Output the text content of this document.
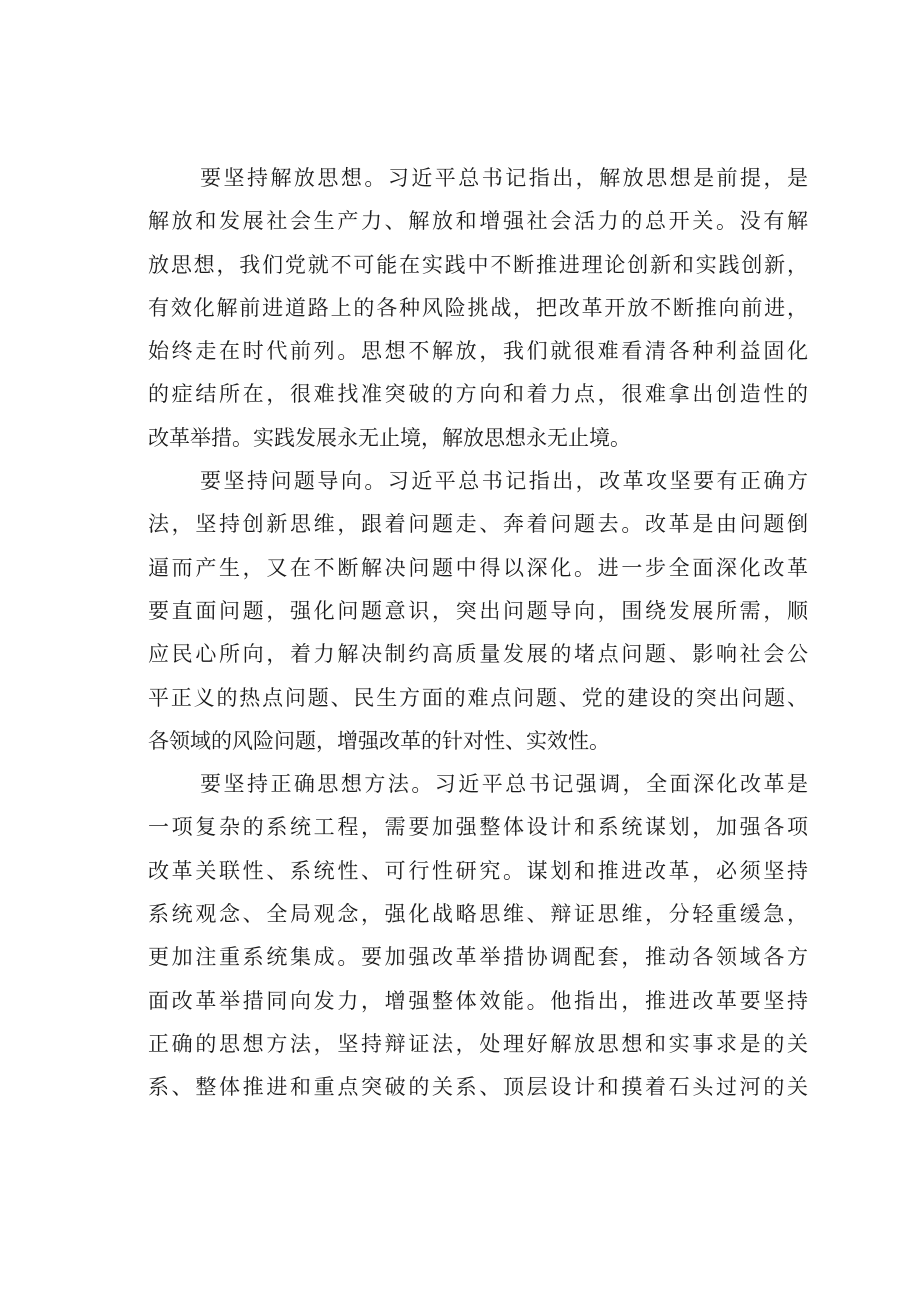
要坚持解放思想。习近平总书记指出，解放思想是前提，是
解放和发展社会生产力、解放和增强社会活力的总开关。没有解
放思想，我们党就不可能在实践中不断推进理论创新和实践创新，
有效化解前进道路上的各种风险挑战，把改革开放不断推向前进，
始终走在时代前列。思想不解放，我们就很难看清各种利益固化
的症结所在，很难找准突破的方向和着力点，很难拿出创造性的
改革举措。实践发展永无止境，解放思想永无止境。
要坚持问题导向。习近平总书记指出，改革攻坚要有正确方
法，坚持创新思维，跟着问题走、奔着问题去。改革是由问题倒
逼而产生，又在不断解决问题中得以深化。进一步全面深化改革
要直面问题，强化问题意识，突出问题导向，围绕发展所需，顺
应民心所向，着力解决制约高质量发展的堵点问题、影响社会公
平正义的热点问题、民生方面的难点问题、党的建设的突出问题、
各领域的风险问题，增强改革的针对性、实效性。
要坚持正确思想方法。习近平总书记强调，全面深化改革是
一项复杂的系统工程，需要加强整体设计和系统谋划，加强各项
改革关联性、系统性、可行性研究。谋划和推进改革，必须坚持
系统观念、全局观念，强化战略思维、辩证思维，分轻重缓急，
更加注重系统集成。要加强改革举措协调配套，推动各领域各方
面改革举措同向发力，增强整体效能。他指出，推进改革要坚持
正确的思想方法，坚持辩证法，处理好解放思想和实事求是的关
系、整体推进和重点突破的关系、顶层设计和摸着石头过河的关
